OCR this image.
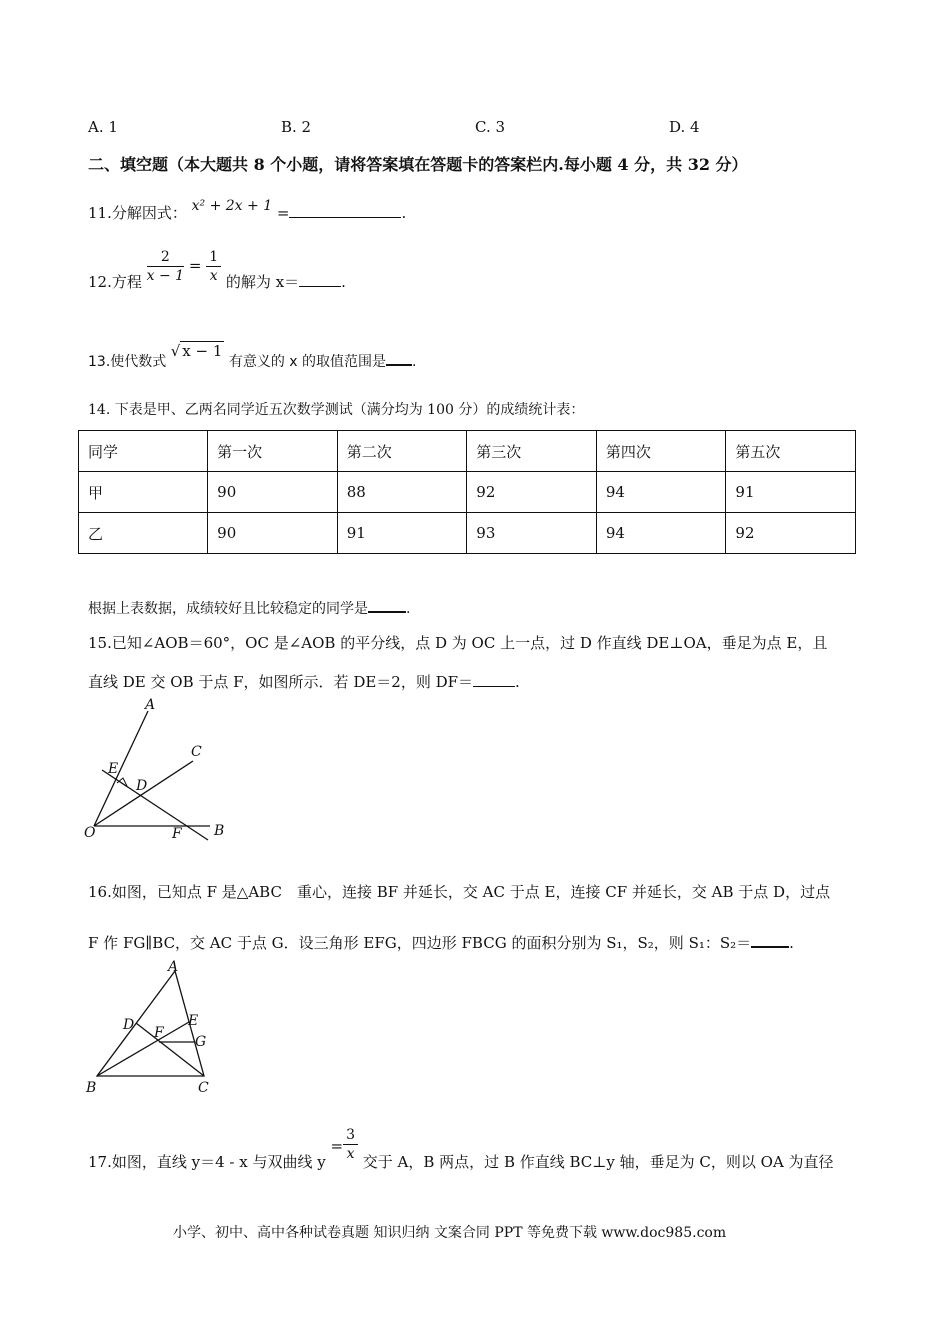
A. 1	B. 2	C. 3	D. 4
二、填空题（本大题共 8 个小题，请将答案填在答题卡的答案栏内.每小题 4 分，共 32 分）
11.分解因式： x² + 2x + 1 =	.
12.方程 $\frac{2}{x - 1} = \frac{1}{x}$ 的解为 x＝	.
13.使代数式 √ x − 1 有意义的 x 的取值范围是 .
14. 下表是甲、乙两名同学近五次数学测试（满分均为 100 分）的成绩统计表：
同学	第一次	第二次	第三次	第四次	第五次
甲	90	88	92	94	91
乙	90	91	93	94	92
根据上表数据，成绩较好且比较稳定的同学是	.
15.已知∠AOB＝60°，OC 是∠AOB 的平分线，点 D 为 OC 上一点，过 D 作直线 DE⊥OA，垂足为点 E，且
直线 DE 交 OB 于点 F，如图所示．若 DE＝2，则 DF＝	.
A
B
C
D
E
F
O
16.如图，已知点 F 是△ABC　重心，连接 BF 并延长，交 AC 于点 E，连接 CF 并延长，交 AB 于点 D，过点
F 作 FG∥BC，交 AC 于点 G．设三角形 EFG，四边形 FBCG 的面积分别为 S₁，S₂，则 S₁：S₂＝	.
A
B	C
D	E
F
G
17.如图，直线 y＝4 - x 与双曲线 $y = \frac{3}{x}$
交于 A，B 两点，过 B 作直线 BC⊥y 轴，垂足为 C，则以 OA 为直径
小学、初中、高中各种试卷真题 知识归纳 文案合同 PPT 等免费下载 www.doc985.com
